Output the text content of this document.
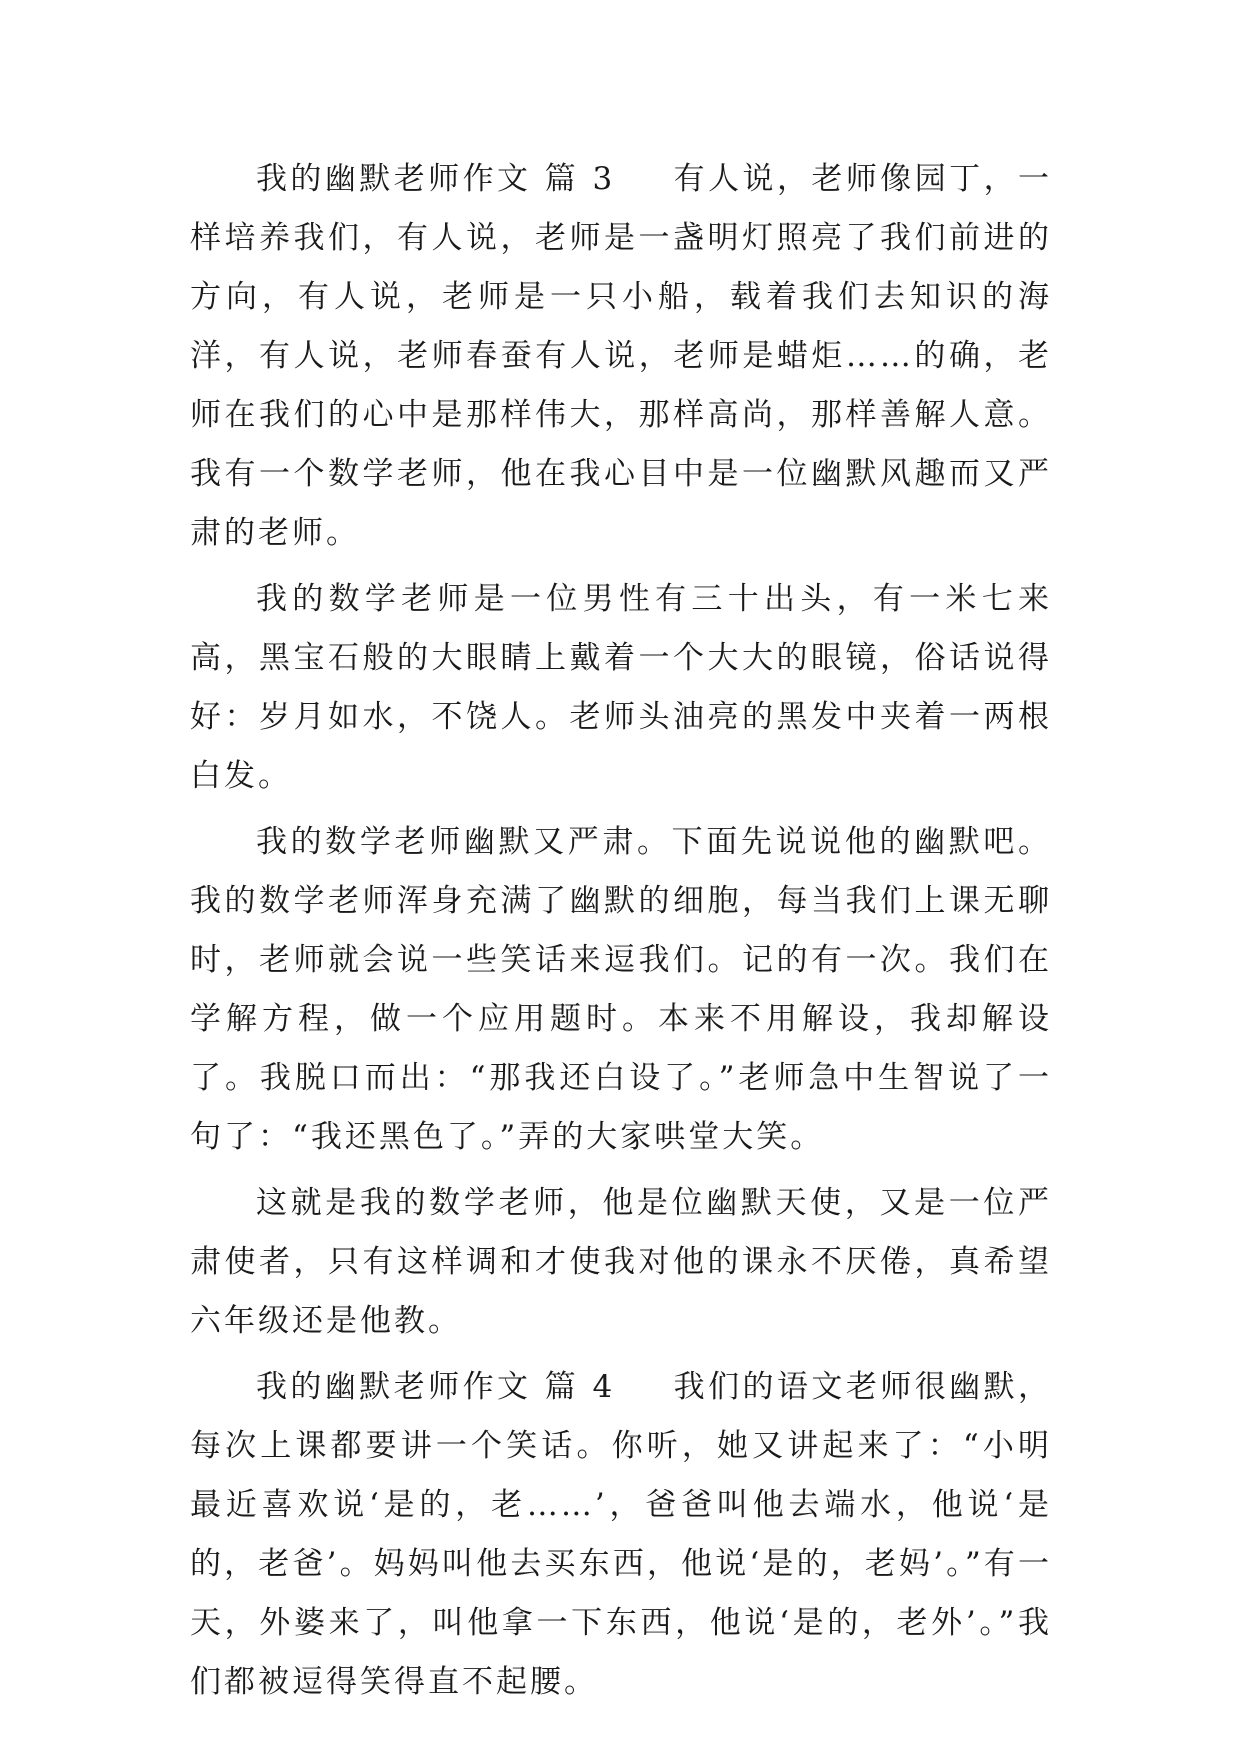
我的幽默老师作文 篇 3 有人说，老师像园丁，一样培养我们，有人说，老师是一盏明灯照亮了我们前进的方向，有人说，老师是一只小船，载着我们去知识的海洋，有人说，老师春蚕有人说，老师是蜡炬……的确，老师在我们的心中是那样伟大，那样高尚，那样善解人意。我有一个数学老师，他在我心目中是一位幽默风趣而又严肃的老师。

我的数学老师是一位男性有三十出头，有一米七来高，黑宝石般的大眼睛上戴着一个大大的眼镜，俗话说得好：岁月如水，不饶人。老师头油亮的黑发中夹着一两根白发。

我的数学老师幽默又严肃。下面先说说他的幽默吧。我的数学老师浑身充满了幽默的细胞，每当我们上课无聊时，老师就会说一些笑话来逗我们。记的有一次。我们在学解方程，做一个应用题时。本来不用解设，我却解设了。我脱口而出：“那我还白设了。”老师急中生智说了一句了：“我还黑色了。”弄的大家哄堂大笑。

这就是我的数学老师，他是位幽默天使，又是一位严肃使者，只有这样调和才使我对他的课永不厌倦，真希望六年级还是他教。

我的幽默老师作文 篇 4 我们的语文老师很幽默，每次上课都要讲一个笑话。你听，她又讲起来了：“小明最近喜欢说‘是的，老……’，爸爸叫他去端水，他说‘是的，老爸’。妈妈叫他去买东西，他说‘是的，老妈’。”有一天，外婆来了，叫他拿一下东西，他说‘是的，老外’。”我们都被逗得笑得直不起腰。
